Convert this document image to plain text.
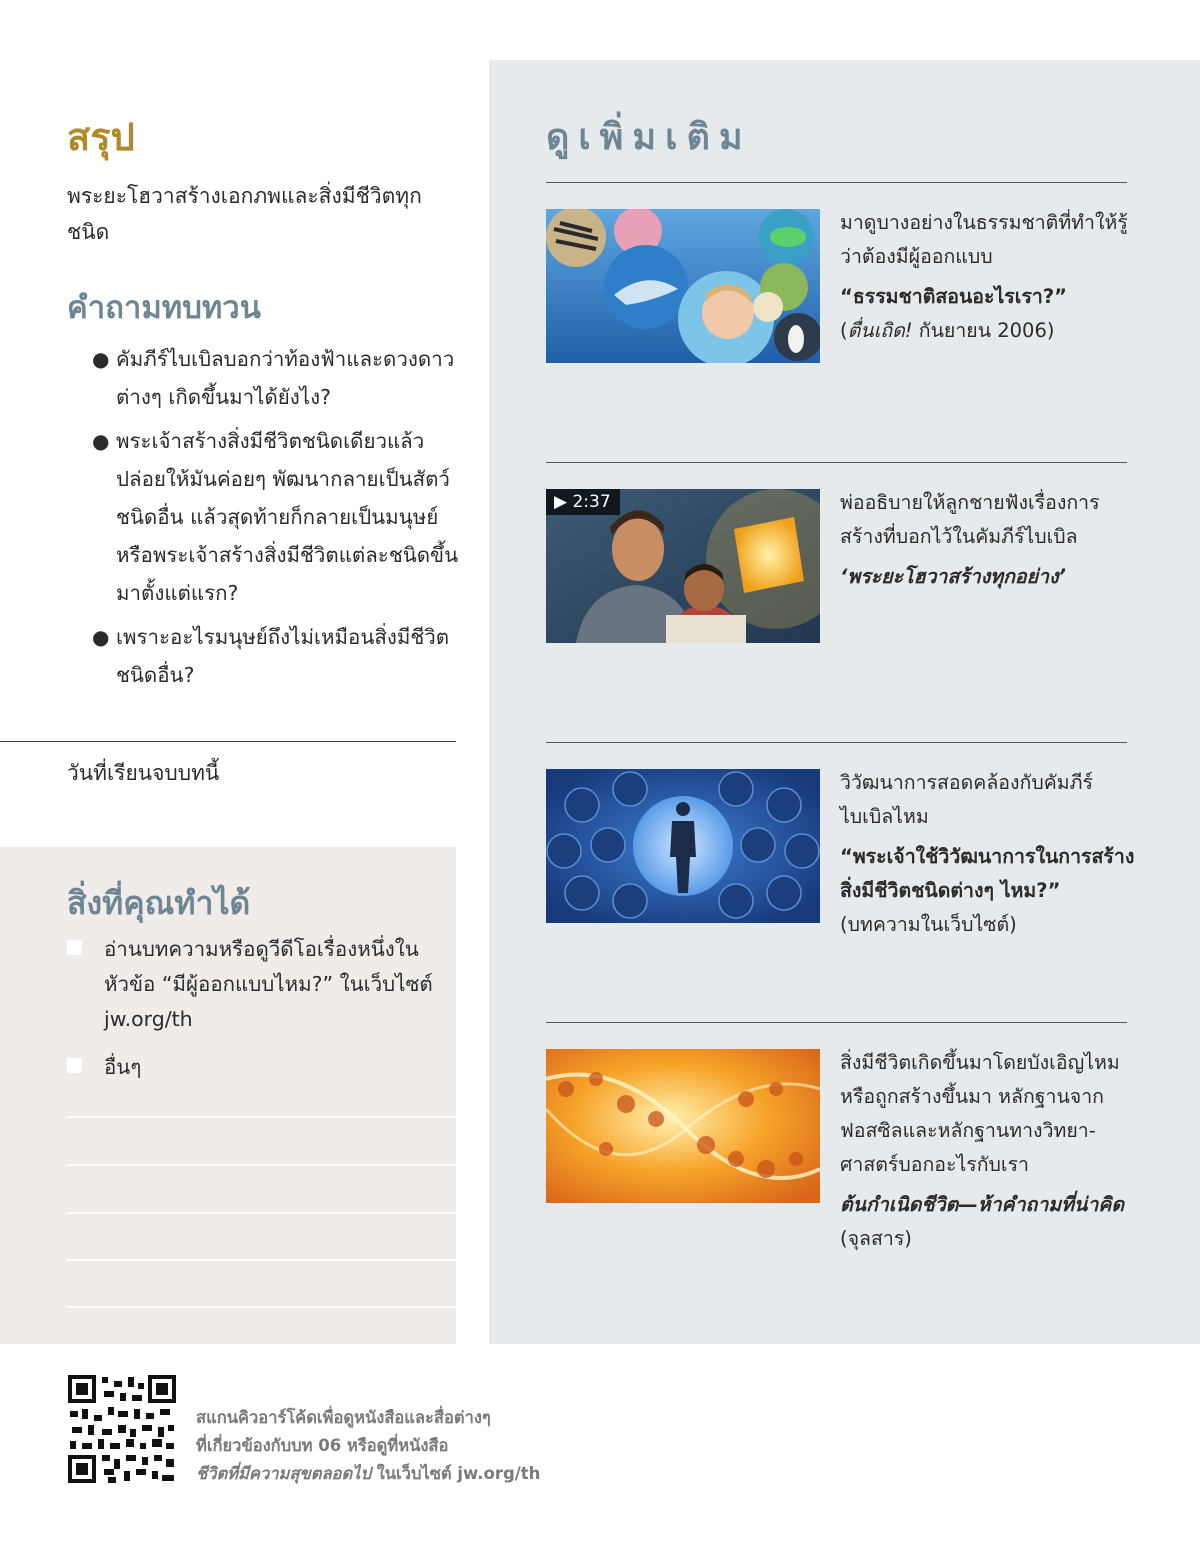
สรุป
พระยะโฮวาสร้างเอกภพและสิ่งมีชีวิตทุกชนิด
คำถามทบทวน
● คัมภีร์ไบเบิลบอกว่าท้องฟ้าและดวงดาวต่างๆ เกิดขึ้นมาได้ยังไง?
● พระเจ้าสร้างสิ่งมีชีวิตชนิดเดียวแล้วปล่อยให้มันค่อยๆ พัฒนากลายเป็นสัตว์ชนิดอื่น แล้วสุดท้ายก็กลายเป็นมนุษย์ หรือพระเจ้าสร้างสิ่งมีชีวิตแต่ละชนิดขึ้นมาตั้งแต่แรก?
● เพราะอะไรมนุษย์ถึงไม่เหมือนสิ่งมีชีวิตชนิดอื่น?
วันที่เรียนจบบทนี้
สิ่งที่คุณทำได้
อ่านบทความหรือดูวีดีโอเรื่องหนึ่งในหัวข้อ “มีผู้ออกแบบไหม?” ในเว็บไซต์ jw.org/th
อื่นๆ
ดูเพิ่มเติม
มาดูบางอย่างในธรรมชาติที่ทำให้รู้ว่าต้องมีผู้ออกแบบ
“ธรรมชาติสอนอะไรเรา?”
(ตื่นเถิด! กันยายน 2006)
▶ 2:37	พ่ออธิบายให้ลูกชายฟังเรื่องการสร้างที่บอกไว้ในคัมภีร์ไบเบิล
‘พระยะโฮวาสร้างทุกอย่าง’
วิวัฒนาการสอดคล้องกับคัมภีร์ไบเบิลไหม
“พระเจ้าใช้วิวัฒนาการในการสร้างสิ่งมีชีวิตชนิดต่างๆ ไหม?”
(บทความในเว็บไซต์)
สิ่งมีชีวิตเกิดขึ้นมาโดยบังเอิญไหม หรือถูกสร้างขึ้นมา หลักฐานจากฟอสซิลและหลักฐานทางวิทยา-ศาสตร์บอกอะไรกับเรา
ต้นกำเนิดชีวิต—ห้าคำถามที่น่าคิด (จุลสาร)
สแกนคิวอาร์โค้ดเพื่อดูหนังสือและสื่อต่างๆ
ที่เกี่ยวข้องกับบท 06 หรือดูที่หนังสือ
ชีวิตที่มีความสุขตลอดไป ในเว็บไซต์ jw.org/th
